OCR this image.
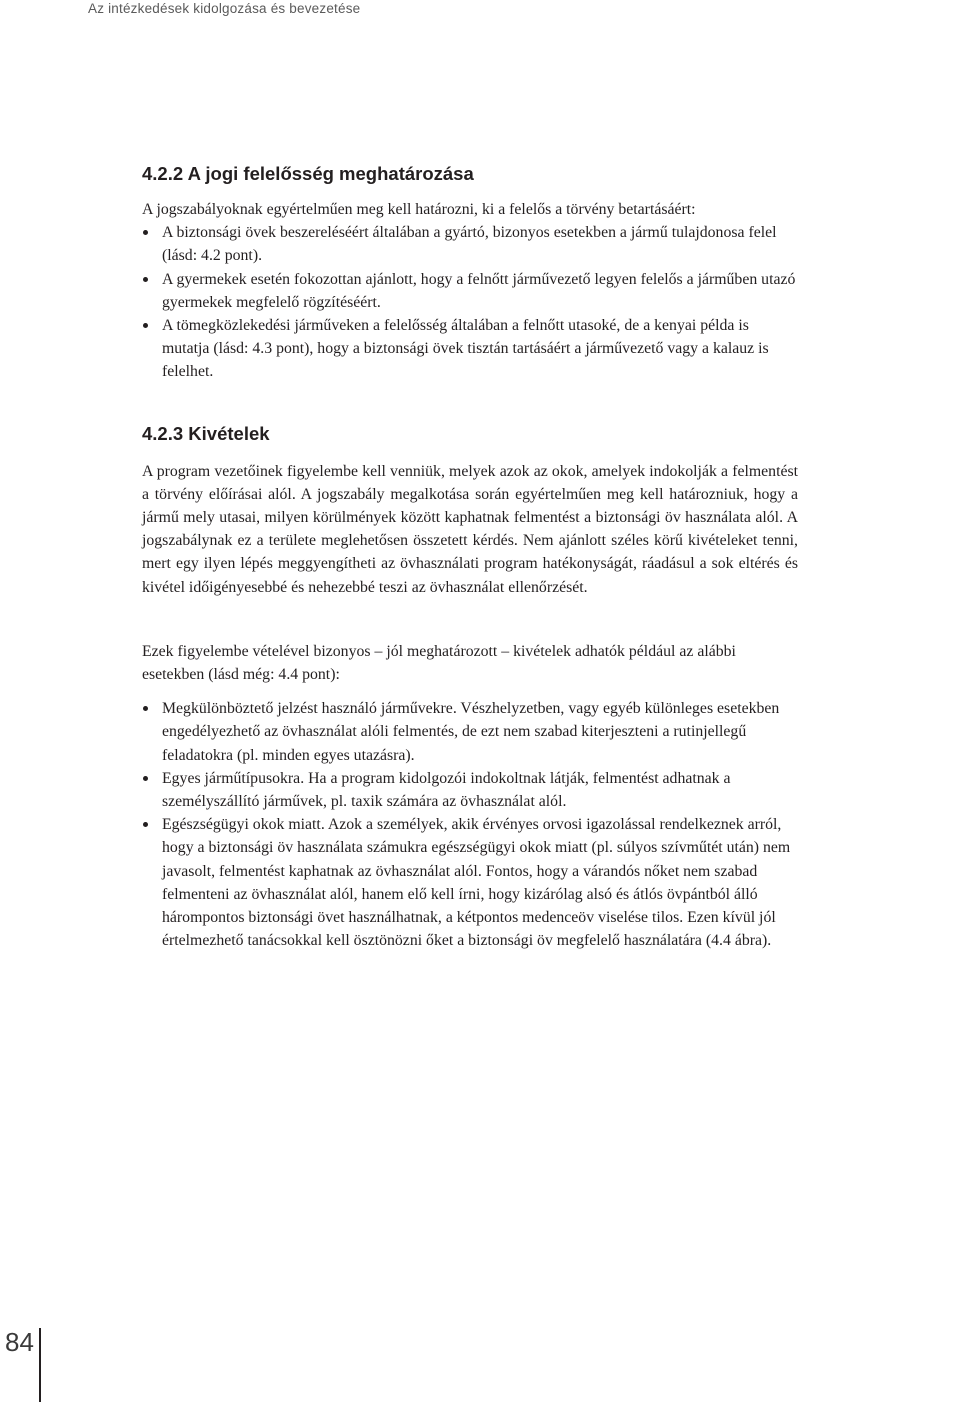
Az intézkedések kidolgozása és bevezetése
4.2.2 A jogi felelősség meghatározása

A jogszabályoknak egyértelműen meg kell határozni, ki a felelős a törvény betartásáért:

A biztonsági övek beszereléséért általában a gyártó, bizonyos esetekben a jármű tulajdonosa felel (lásd: 4.2 pont).
A gyermekek esetén fokozottan ajánlott, hogy a felnőtt járművezető legyen felelős a járműben utazó gyermekek megfelelő rögzítéséért.
A tömegközlekedési járműveken a felelősség általában a felnőtt utasoké, de a kenyai példa is mutatja (lásd: 4.3 pont), hogy a biztonsági övek tisztán tartásáért a járművezető vagy a kalauz is felelhet.
4.2.3 Kivételek

A program vezetőinek figyelembe kell venniük, melyek azok az okok, amelyek indokolják a felmentést a törvény előírásai alól. A jogszabály megalkotása során egyértelműen meg kell határozniuk, hogy a jármű mely utasai, milyen körülmények között kaphatnak felmentést a biztonsági öv használata alól. A jogszabálynak ez a területe meglehetősen összetett kérdés. Nem ajánlott széles körű kivételeket tenni, mert egy ilyen lépés meggyengítheti az övhasználati program hatékonyságát, ráadásul a sok eltérés és kivétel időigényesebbé és nehezebbé teszi az övhasználat ellenőrzését.

Ezek figyelembe vételével bizonyos – jól meghatározott – kivételek adhatók például az alábbi esetekben (lásd még: 4.4 pont):

Megkülönböztető jelzést használó járművekre. Vészhelyzetben, vagy egyéb különleges esetekben engedélyezhető az övhasználat alóli felmentés, de ezt nem szabad kiterjeszteni a rutinjellegű feladatokra (pl. minden egyes utazásra).
Egyes járműtípusokra. Ha a program kidolgozói indokoltnak látják, felmentést adhatnak a személyszállító járművek, pl. taxik számára az övhasználat alól.
Egészségügyi okok miatt. Azok a személyek, akik érvényes orvosi igazolással rendelkeznek arról, hogy a biztonsági öv használata számukra egészségügyi okok miatt (pl. súlyos szívműtét után) nem javasolt, felmentést kaphatnak az övhasználat alól. Fontos, hogy a várandós nőket nem szabad felmenteni az övhasználat alól, hanem elő kell írni, hogy kizárólag alsó és átlós övpántból álló hárompontos biztonsági övet használhatnak, a kétpontos medenceöv viselése tilos. Ezen kívül jól értelmezhető tanácsokkal kell ösztönözni őket a biztonsági öv megfelelő használatára (4.4 ábra).
84
